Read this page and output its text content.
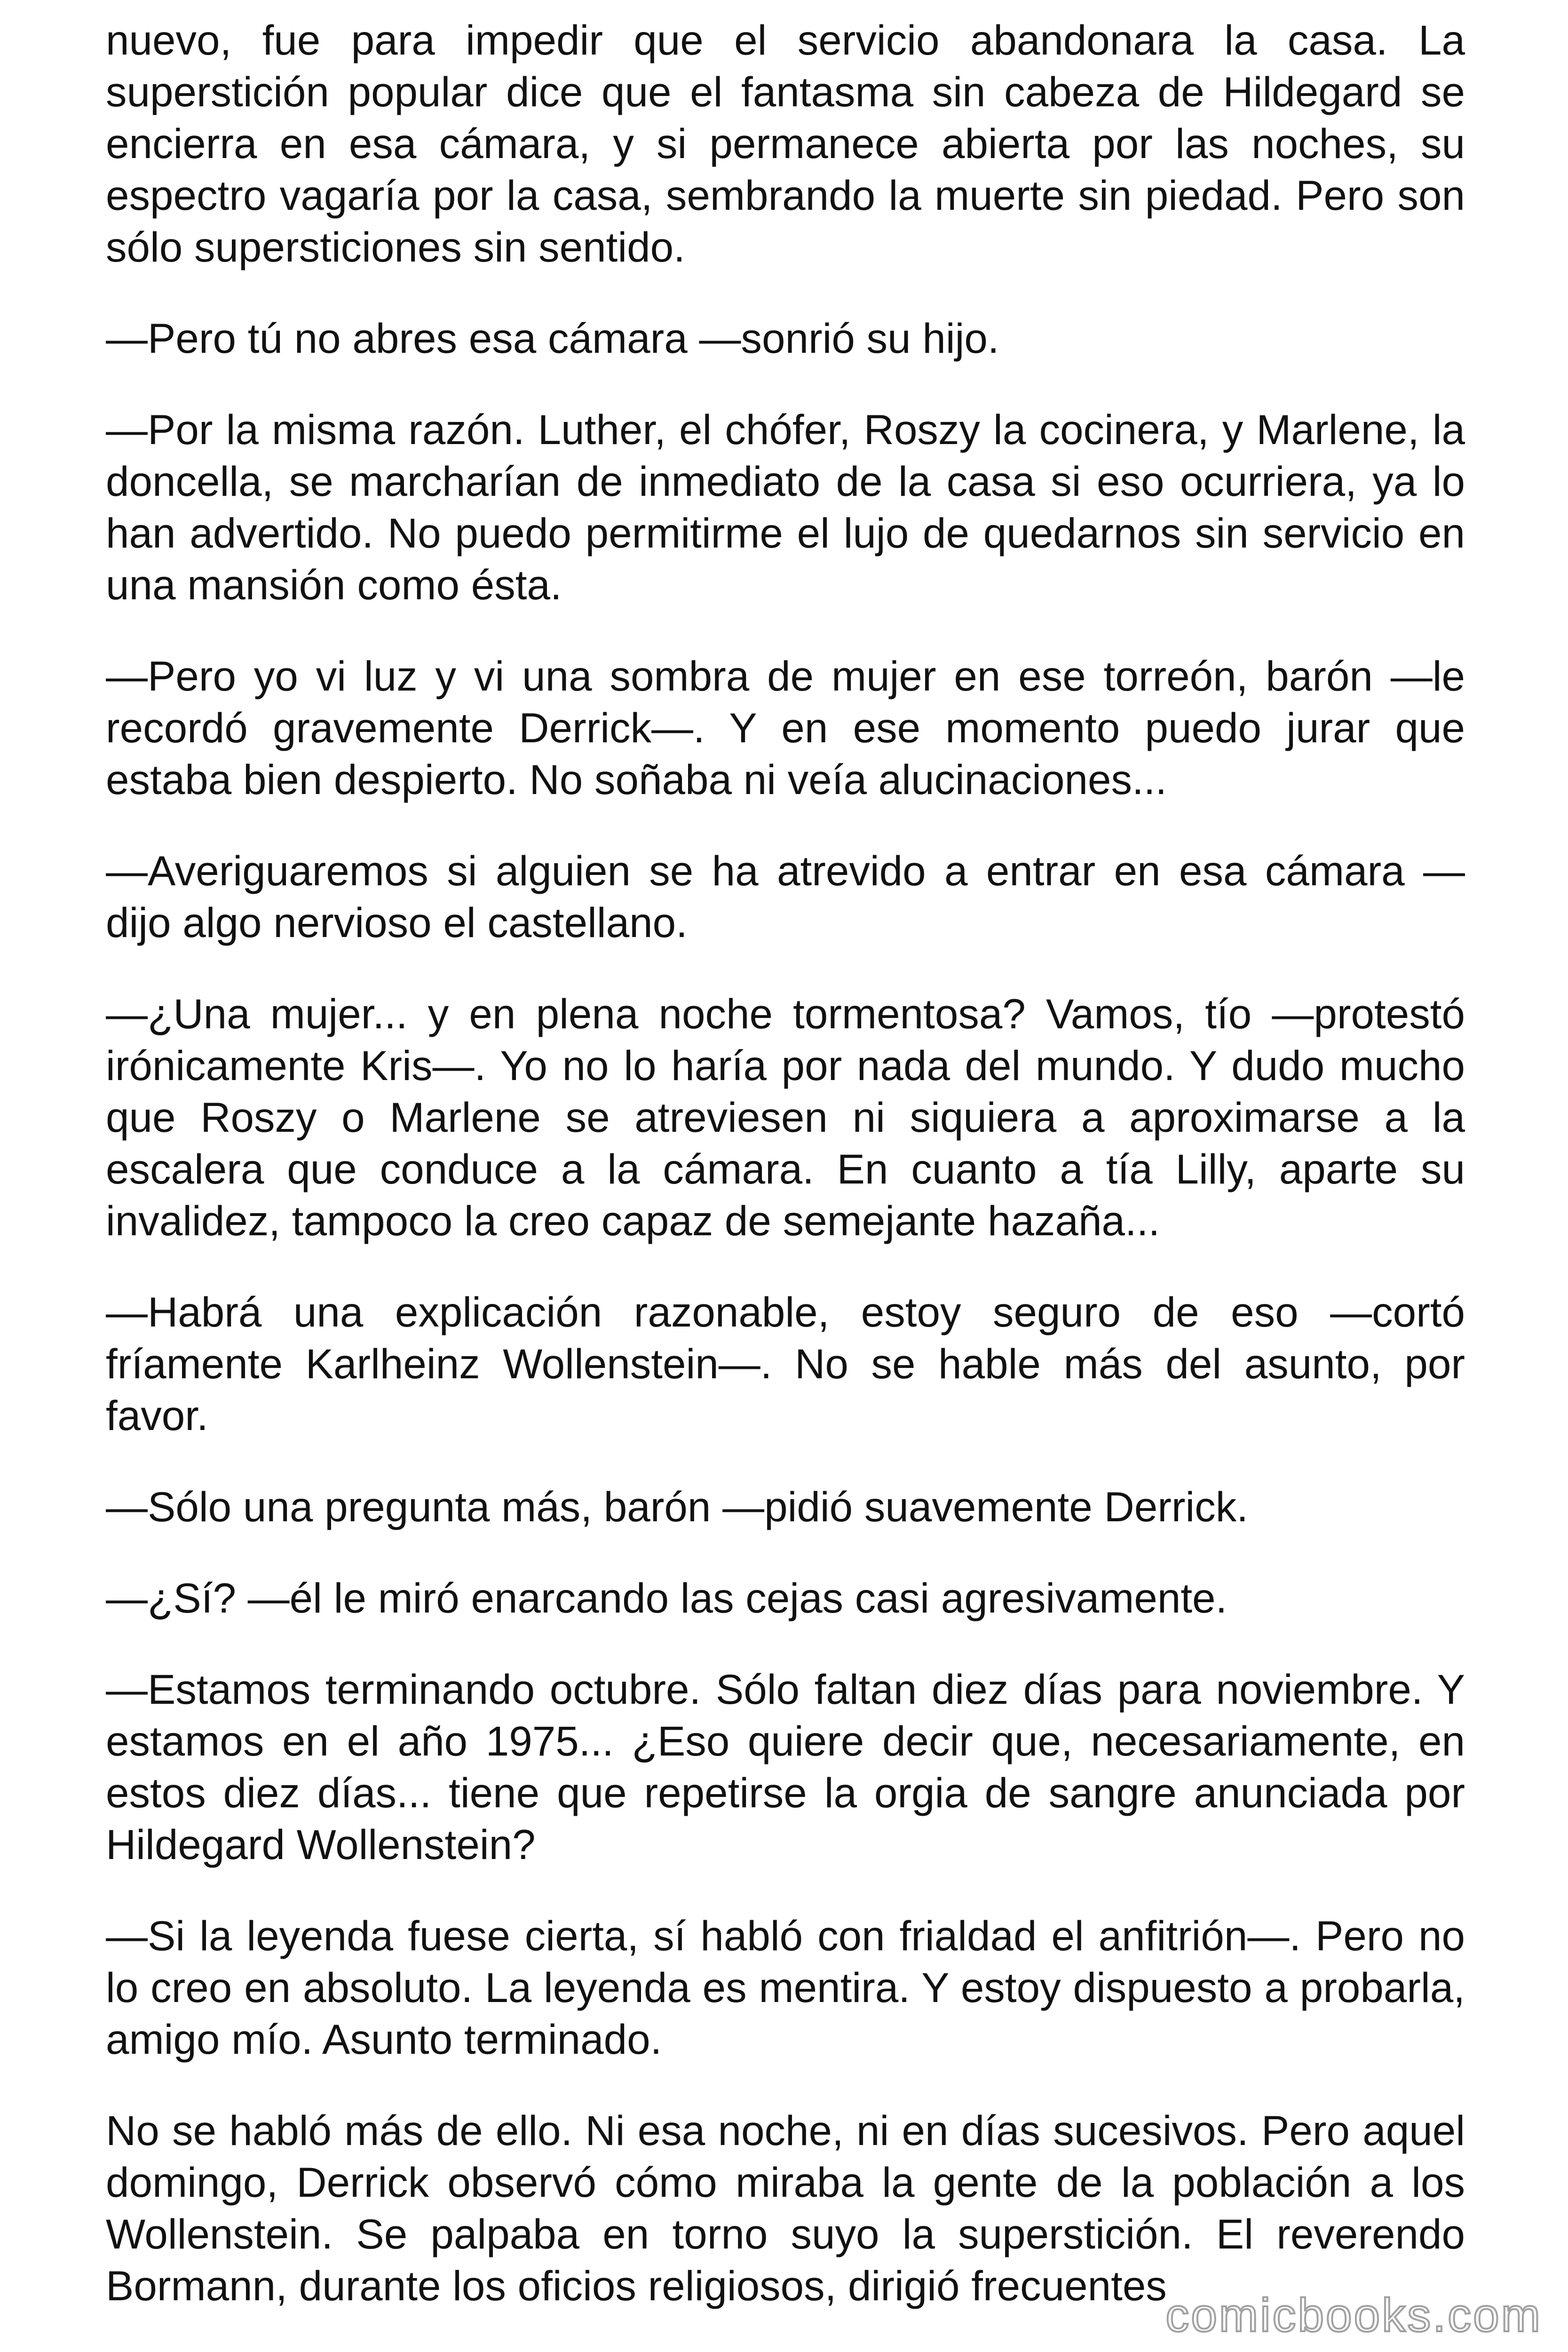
nuevo, fue para impedir que el servicio abandonara la casa. La superstición popular dice que el fantasma sin cabeza de Hildegard se encierra en esa cámara, y si permanece abierta por las noches, su espectro vagaría por la casa, sembrando la muerte sin piedad. Pero son sólo supersticiones sin sentido.

—Pero tú no abres esa cámara —sonrió su hijo.

—Por la misma razón. Luther, el chófer, Roszy la cocinera, y Marlene, la doncella, se marcharían de inmediato de la casa si eso ocurriera, ya lo han advertido. No puedo permitirme el lujo de quedarnos sin servicio en una mansión como ésta.

—Pero yo vi luz y vi una sombra de mujer en ese torreón, barón —le recordó gravemente Derrick—. Y en ese momento puedo jurar que estaba bien despierto. No soñaba ni veía alucinaciones...

—Averiguaremos si alguien se ha atrevido a entrar en esa cámara — dijo algo nervioso el castellano.

—¿Una mujer... y en plena noche tormentosa? Vamos, tío —protestó irónicamente Kris—. Yo no lo haría por nada del mundo. Y dudo mucho que Roszy o Marlene se atreviesen ni siquiera a aproximarse a la escalera que conduce a la cámara. En cuanto a tía Lilly, aparte su invalidez, tampoco la creo capaz de semejante hazaña...

—Habrá una explicación razonable, estoy seguro de eso —cortó fríamente Karlheinz Wollenstein—. No se hable más del asunto, por favor.

—Sólo una pregunta más, barón —pidió suavemente Derrick.

—¿Sí? —él le miró enarcando las cejas casi agresivamente.

—Estamos terminando octubre. Sólo faltan diez días para noviembre. Y estamos en el año 1975... ¿Eso quiere decir que, necesariamente, en estos diez días... tiene que repetirse la orgia de sangre anunciada por Hildegard Wollenstein?

—Si la leyenda fuese cierta, sí habló con frialdad el anfitrión—. Pero no lo creo en absoluto. La leyenda es mentira. Y estoy dispuesto a probarla, amigo mío. Asunto terminado.

No se habló más de ello. Ni esa noche, ni en días sucesivos. Pero aquel domingo, Derrick observó cómo miraba la gente de la población a los Wollenstein. Se palpaba en torno suyo la superstición. El reverendo Bormann, durante los oficios religiosos, dirigió frecuentes

comicbooks.com
